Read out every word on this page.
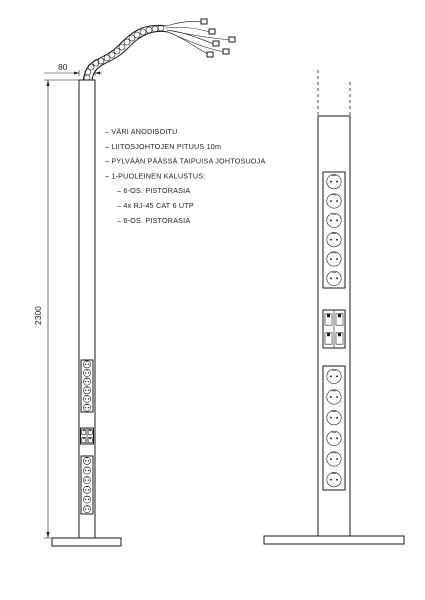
80
2300
– VÄRI ANODISOITU
– LIITOSJOHTOJEN PITUUS 10m
– PYLVÄÄN PÄÄSSÄ TAIPUISA JOHTOSUOJA
– 1-PUOLEINEN KALUSTUS:
– 6-OS. PISTORASIA
– 4x RJ-45 CAT 6 UTP
– 6-OS. PISTORASIA
